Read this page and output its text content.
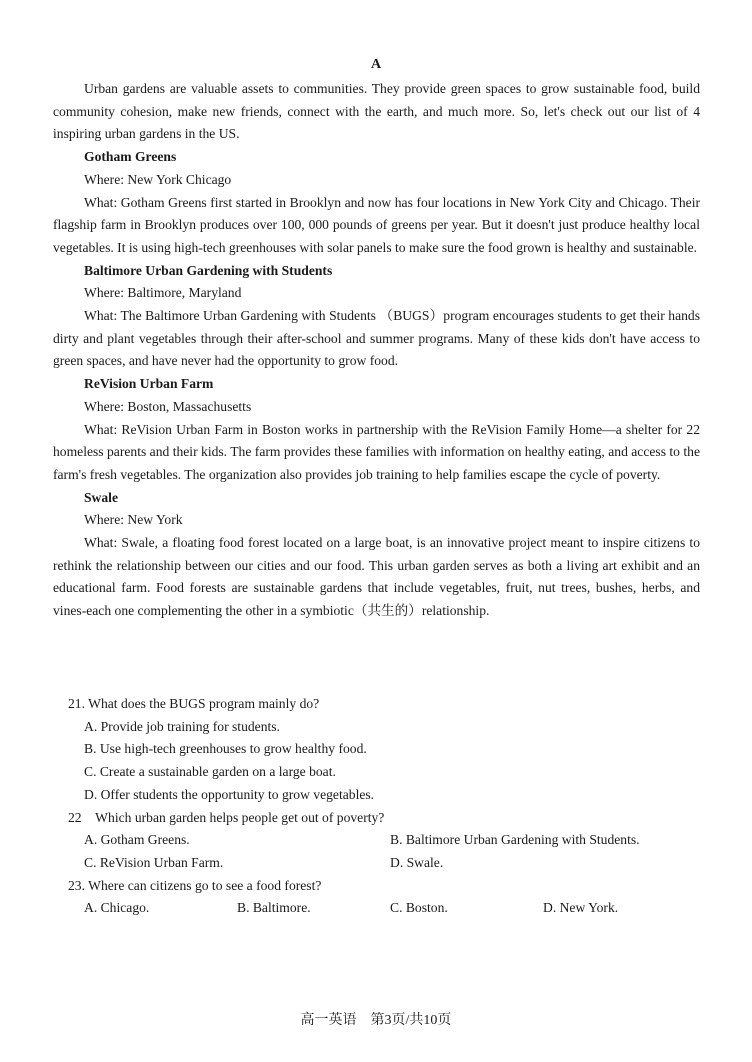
A

Urban gardens are valuable assets to communities. They provide green spaces to grow sustainable food, build community cohesion, make new friends, connect with the earth, and much more. So, let's check out our list of 4 inspiring urban gardens in the US.

Gotham Greens

Where: New York Chicago

What: Gotham Greens first started in Brooklyn and now has four locations in New York City and Chicago. Their flagship farm in Brooklyn produces over 100, 000 pounds of greens per year. But it doesn't just produce healthy local vegetables. It is using high-tech greenhouses with solar panels to make sure the food grown is healthy and sustainable.

Baltimore Urban Gardening with Students

Where: Baltimore, Maryland

What: The Baltimore Urban Gardening with Students （BUGS）program encourages students to get their hands dirty and plant vegetables through their after-school and summer programs. Many of these kids don't have access to green spaces, and have never had the opportunity to grow food.

ReVision Urban Farm

Where: Boston, Massachusetts

What: ReVision Urban Farm in Boston works in partnership with the ReVision Family Home—a shelter for 22 homeless parents and their kids. The farm provides these families with information on healthy eating, and access to the farm's fresh vegetables. The organization also provides job training to help families escape the cycle of poverty.

Swale

Where: New York

What: Swale, a floating food forest located on a large boat, is an innovative project meant to inspire citizens to rethink the relationship between our cities and our food. This urban garden serves as both a living art exhibit and an educational farm. Food forests are sustainable gardens that include vegetables, fruit, nut trees, bushes, herbs, and vines-each one complementing the other in a symbiotic（共生的）relationship.

21. What does the BUGS program mainly do?

A. Provide job training for students.

B. Use high-tech greenhouses to grow healthy food.

C. Create a sustainable garden on a large boat.

D. Offer students the opportunity to grow vegetables.

22　Which urban garden helps people get out of poverty?

A. Gotham Greens.	B. Baltimore Urban Gardening with Students.
C. ReVision Urban Farm.	D. Swale.

23. Where can citizens go to see a food forest?

A. Chicago.	B. Baltimore.	C. Boston.	D. New York.
高一英语　第3页/共10页
